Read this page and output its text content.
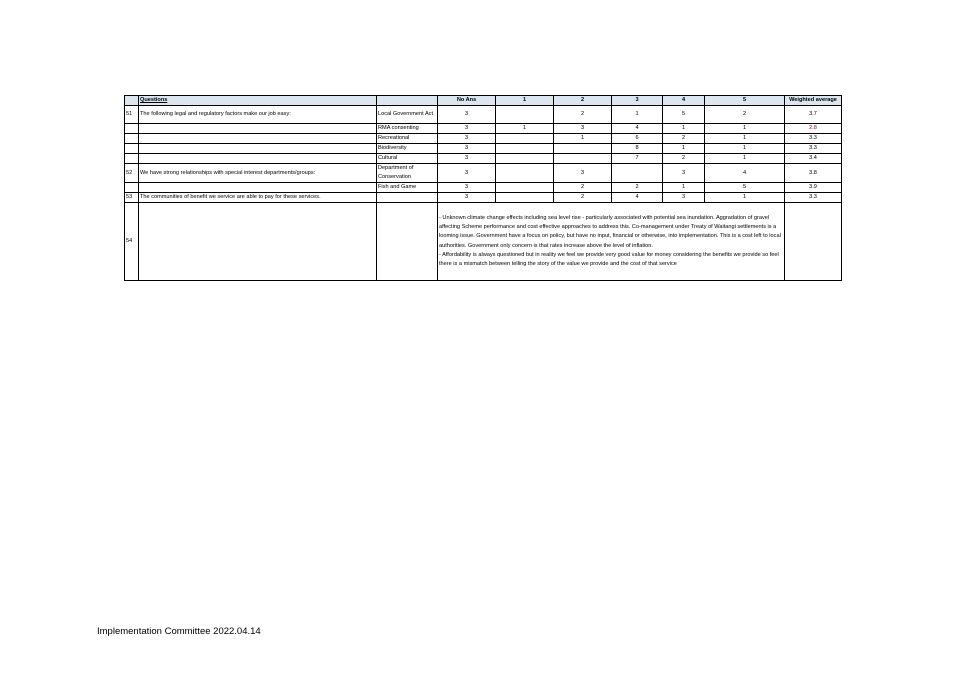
	Questions		No Ans	1	2	3	4	5	Weighted average
51	The following legal and regulatory factors make our job easy:	Local Government Act	3		2	1	5	2	3.7
		RMA consenting	3	1	3	4	1	1	2.8
		Recreational	3		1	6	2	1	3.3
		Biodiversity	3			8	1	1	3.3
		Cultural	3			7	2	1	3.4
52	We have strong relationships with special interest departments/groups:	Department of Conservation	3		3		3	4	3.8
		Fish and Game	3		2	2	1	5	3.9
53	The communities of benefit we service are able to pay for these services.		3		2	4	3	1	3.3
54			- Unknown climate change effects including sea level rise - particularly associated with potential sea inundation. Aggradation of gravel affecting Scheme performance and cost effective approaches to address this. Co-management under Treaty of Waitangi settlements is a looming issue. Government have a focus on policy, but have no input, financial or otherwise, into implementation. This is a cost left to local authorities. Government only concern is that rates increase above the level of inflation.
- Affordability is always questioned but in reality we feel we provide very good value for money considering the benefits we provide so feel there is a mismatch between telling the story of the value we provide and the cost of that service						

Implementation Committee 2022.04.14
